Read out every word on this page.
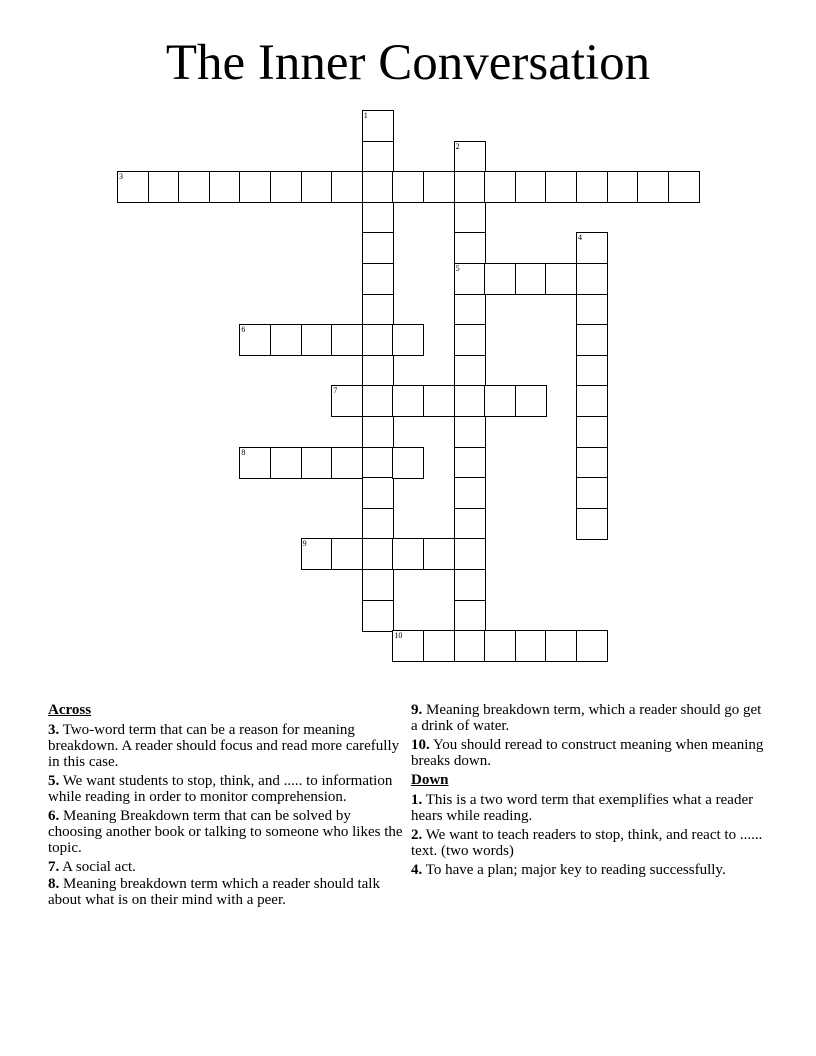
The Inner Conversation
1
2
5
3
4
6
7
8
9
10
Across
3. Two-word term that can be a reason for meaning breakdown. A reader should focus and read more carefully in this case.
5. We want students to stop, think, and ..... to information while reading in order to monitor comprehension.
6. Meaning Breakdown term that can be solved by choosing another book or talking to someone who likes the topic.
7. A social act.
8. Meaning breakdown term which a reader should talk about what is on their mind with a peer.
9. Meaning breakdown term, which a reader should go get a drink of water.
10. You should reread to construct meaning when meaning breaks down.
Down
1. This is a two word term that exemplifies what a reader hears while reading.
2. We want to teach readers to stop, think, and react to ...... text. (two words)
4. To have a plan; major key to reading successfully.
